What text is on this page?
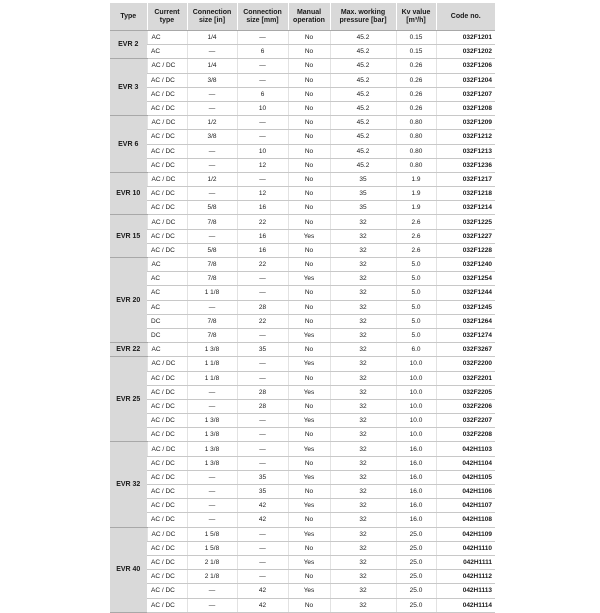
Type	Current type	Connection size [in]	Connection size [mm]	Manual operation	Max. working pressure [bar]	Kv value [m³/h]	Code no.
EVR 2	AC	1/4	—	No	45.2	0.15	032F1201
	AC	—	6	No	45.2	0.15	032F1202
EVR 3	AC / DC	1/4	—	No	45.2	0.26	032F1206
	AC / DC	3/8	—	No	45.2	0.26	032F1204
	AC / DC	—	6	No	45.2	0.26	032F1207
	AC / DC	—	10	No	45.2	0.26	032F1208
EVR 6	AC / DC	1/2	—	No	45.2	0.80	032F1209
	AC / DC	3/8	—	No	45.2	0.80	032F1212
	AC / DC	—	10	No	45.2	0.80	032F1213
	AC / DC	—	12	No	45.2	0.80	032F1236
EVR 10	AC / DC	1/2	—	No	35	1.9	032F1217
	AC / DC	—	12	No	35	1.9	032F1218
	AC / DC	5/8	16	No	35	1.9	032F1214
EVR 15	AC / DC	7/8	22	No	32	2.6	032F1225
	AC / DC	—	16	Yes	32	2.6	032F1227
	AC / DC	5/8	16	No	32	2.6	032F1228
EVR 20	AC	7/8	22	No	32	5.0	032F1240
	AC	7/8	—	Yes	32	5.0	032F1254
	AC	1 1/8	—	No	32	5.0	032F1244
	AC	—	28	No	32	5.0	032F1245
	DC	7/8	22	No	32	5.0	032F1264
	DC	7/8	—	Yes	32	5.0	032F1274
EVR 22	AC	1 3/8	35	No	32	6.0	032F3267
EVR 25	AC / DC	1 1/8	—	Yes	32	10.0	032F2200
	AC / DC	1 1/8	—	No	32	10.0	032F2201
	AC / DC	—	28	Yes	32	10.0	032F2205
	AC / DC	—	28	No	32	10.0	032F2206
	AC / DC	1 3/8	—	Yes	32	10.0	032F2207
	AC / DC	1 3/8	—	No	32	10.0	032F2208
EVR 32	AC / DC	1 3/8	—	Yes	32	16.0	042H1103
	AC / DC	1 3/8	—	No	32	16.0	042H1104
	AC / DC	—	35	Yes	32	16.0	042H1105
	AC / DC	—	35	No	32	16.0	042H1106
	AC / DC	—	42	Yes	32	16.0	042H1107
	AC / DC	—	42	No	32	16.0	042H1108
EVR 40	AC / DC	1 5/8	—	Yes	32	25.0	042H1109
	AC / DC	1 5/8	—	No	32	25.0	042H1110
	AC / DC	2 1/8	—	Yes	32	25.0	042H1111
	AC / DC	2 1/8	—	No	32	25.0	042H1112
	AC / DC	—	42	Yes	32	25.0	042H1113
	AC / DC	—	42	No	32	25.0	042H1114
